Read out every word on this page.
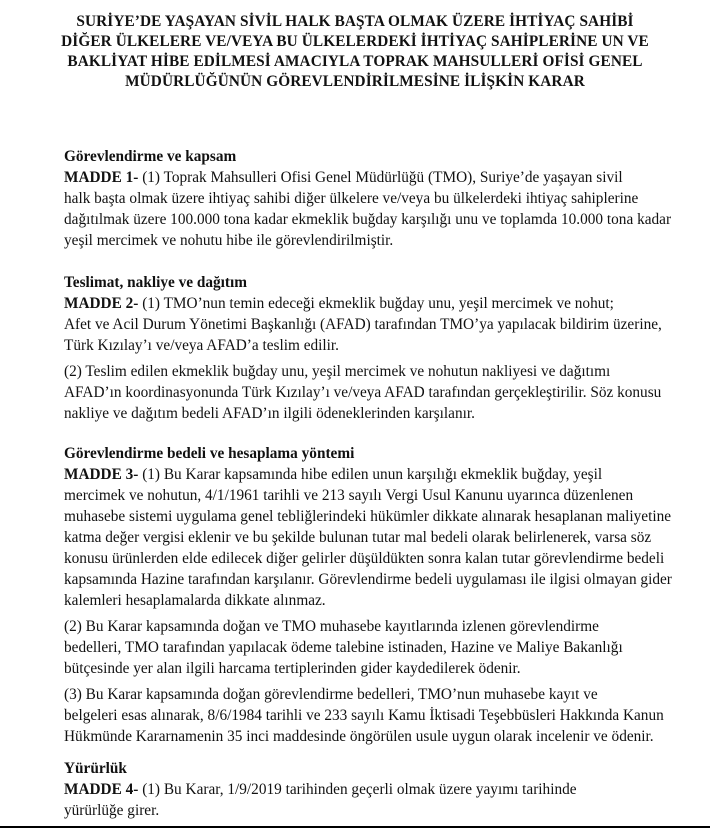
SURİYE’DE YAŞAYAN SİVİL HALK BAŞTA OLMAK ÜZERE İHTİYAÇ SAHİBİ
DİĞER ÜLKELERE VE/VEYA BU ÜLKELERDEKİ İHTİYAÇ SAHİPLERİNE UN VE
BAKLİYAT HİBE EDİLMESİ AMACIYLA TOPRAK MAHSULLERİ OFİSİ GENEL
MÜDÜRLÜĞÜNÜN GÖREVLENDİRİLMESİNE İLİŞKİN KARAR
Görevlendirme ve kapsam
MADDE 1- (1) Toprak Mahsulleri Ofisi Genel Müdürlüğü (TMO), Suriye’de yaşayan sivil
halk başta olmak üzere ihtiyaç sahibi diğer ülkelere ve/veya bu ülkelerdeki ihtiyaç sahiplerine
dağıtılmak üzere 100.000 tona kadar ekmeklik buğday karşılığı unu ve toplamda 10.000 tona kadar
yeşil mercimek ve nohutu hibe ile görevlendirilmiştir.
Teslimat, nakliye ve dağıtım
MADDE 2- (1) TMO’nun temin edeceği ekmeklik buğday unu, yeşil mercimek ve nohut;
Afet ve Acil Durum Yönetimi Başkanlığı (AFAD) tarafından TMO’ya yapılacak bildirim üzerine,
Türk Kızılay’ı ve/veya AFAD’a teslim edilir.
(2) Teslim edilen ekmeklik buğday unu, yeşil mercimek ve nohutun nakliyesi ve dağıtımı
AFAD’ın koordinasyonunda Türk Kızılay’ı ve/veya AFAD tarafından gerçekleştirilir. Söz konusu
nakliye ve dağıtım bedeli AFAD’ın ilgili ödeneklerinden karşılanır.
Görevlendirme bedeli ve hesaplama yöntemi
MADDE 3- (1) Bu Karar kapsamında hibe edilen unun karşılığı ekmeklik buğday, yeşil
mercimek ve nohutun, 4/1/1961 tarihli ve 213 sayılı Vergi Usul Kanunu uyarınca düzenlenen
muhasebe sistemi uygulama genel tebliğlerindeki hükümler dikkate alınarak hesaplanan maliyetine
katma değer vergisi eklenir ve bu şekilde bulunan tutar mal bedeli olarak belirlenerek, varsa söz
konusu ürünlerden elde edilecek diğer gelirler düşüldükten sonra kalan tutar görevlendirme bedeli
kapsamında Hazine tarafından karşılanır. Görevlendirme bedeli uygulaması ile ilgisi olmayan gider
kalemleri hesaplamalarda dikkate alınmaz.
(2) Bu Karar kapsamında doğan ve TMO muhasebe kayıtlarında izlenen görevlendirme
bedelleri, TMO tarafından yapılacak ödeme talebine istinaden, Hazine ve Maliye Bakanlığı
bütçesinde yer alan ilgili harcama tertiplerinden gider kaydedilerek ödenir.
(3) Bu Karar kapsamında doğan görevlendirme bedelleri, TMO’nun muhasebe kayıt ve
belgeleri esas alınarak, 8/6/1984 tarihli ve 233 sayılı Kamu İktisadi Teşebbüsleri Hakkında Kanun
Hükmünde Kararnamenin 35 inci maddesinde öngörülen usule uygun olarak incelenir ve ödenir.
Yürürlük
MADDE 4- (1) Bu Karar, 1/9/2019 tarihinden geçerli olmak üzere yayımı tarihinde
yürürlüğe girer.
